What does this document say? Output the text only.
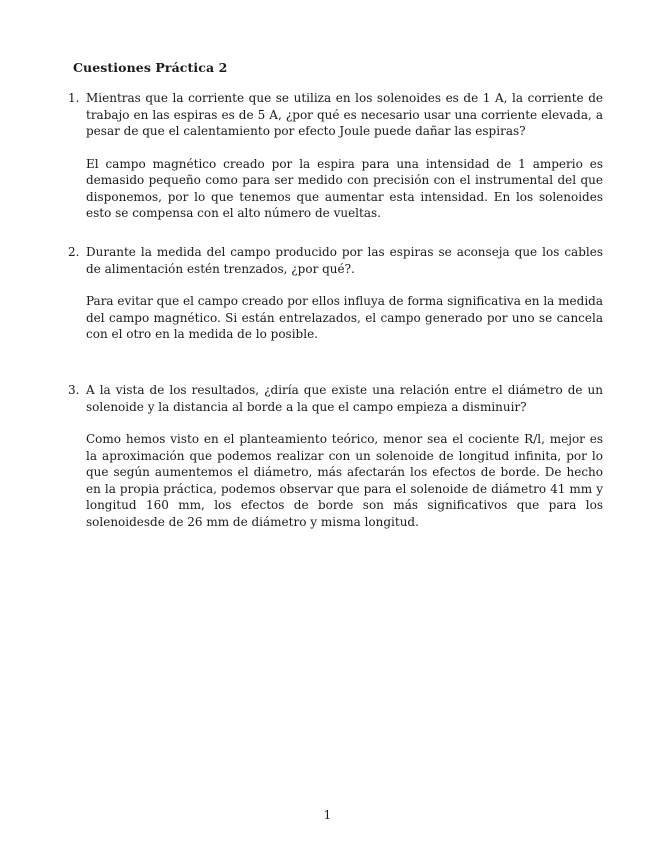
Cuestiones Práctica 2
1. Mientras que la corriente que se utiliza en los solenoides es de 1 A, la corriente de trabajo en las espiras es de 5 A, ¿por qué es necesario usar una corriente elevada, a pesar de que el calentamiento por efecto Joule puede dañar las espiras?
El campo magnético creado por la espira para una intensidad de 1 amperio es demasido pequeño como para ser medido con precisión con el instrumental del que disponemos, por lo que tenemos que aumentar esta intensidad. En los solenoides esto se compensa con el alto número de vueltas.
2. Durante la medida del campo producido por las espiras se aconseja que los cables de alimentación estén trenzados, ¿por qué?.
Para evitar que el campo creado por ellos influya de forma significativa en la medida del campo magnético. Si están entrelazados, el campo generado por uno se cancela con el otro en la medida de lo posible.
3. A la vista de los resultados, ¿diría que existe una relación entre el diámetro de un solenoide y la distancia al borde a la que el campo empieza a disminuir?
Como hemos visto en el planteamiento teórico, menor sea el cociente R/l, mejor es la aproximación que podemos realizar con un solenoide de longitud infinita, por lo que según aumentemos el diámetro, más afectarán los efectos de borde. De hecho en la propia práctica, podemos observar que para el solenoide de diámetro 41 mm y longitud 160 mm, los efectos de borde son más significativos que para los solenoidesde de 26 mm de diámetro y misma longitud.
1
